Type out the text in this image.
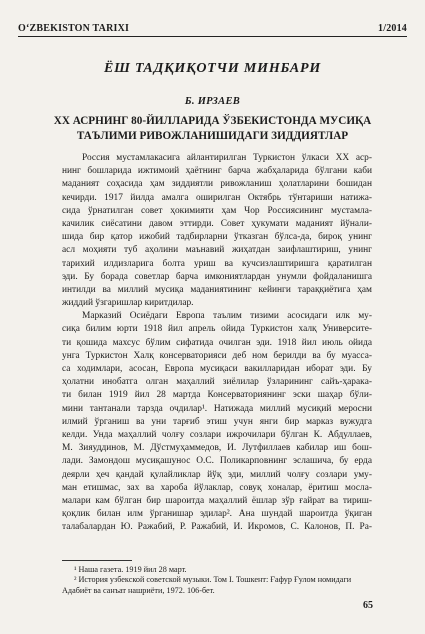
O‘ZBEKISTON TARIXI	1/2014
ЁШ ТАДҚИҚОТЧИ МИНБАРИ
Б. ИРЗАЕВ
XX АСРНИНГ 80-ЙИЛЛАРИДА ЎЗБЕКИСТОНДА МУСИҚА
ТАЪЛИМИ РИВОЖЛАНИШИДАГИ ЗИДДИЯТЛАР
Россия мустамлакасига айлантирилган Туркистон ўлкаси XX аср-
нинг бошларида ижтимоий ҳаётнинг барча жабҳаларида бўлгани каби
маданият соҳасида ҳам зиддиятли ривожланиш ҳолатларини бошидан
кечирди. 1917 йилда амалга оширилган Октябрь тўнтариши натижа-
сида ўрнатилган совет ҳокимияти ҳам Чор Россиясининг мустамла-
качилик сиёсатини давом эттирди. Совет ҳукумати маданият йўнали-
шида бир қатор ижобий тадбирларни ўтказган бўлса-да, бироқ унинг
асл моҳияти туб аҳолини маънавий жиҳатдан заифлаштириш, унинг
тарихий илдизларига болта уриш ва кучсизлаштиришга қаратилган
эди. Бу борада советлар барча имкониятлардан унумли фойдаланишга
интилди ва миллий мусиқа маданиятининг кейинги тараққиётига ҳам
жиддий ўзгаришлар киритдилар.
Марказий Осиёдаги Европа таълим тизими асосидаги илк му-
сиқа билим юрти 1918 йил апрель ойида Туркистон халқ Университе-
ти қошида махсус бўлим сифатида очилган эди. 1918 йил июль ойида
унга Туркистон Халқ консерваторияси деб ном берилди ва бу муасса-
са ходимлари, асосан, Европа мусиқаси вакилларидан иборат эди. Бу
ҳолатни инобатга олган маҳаллий зиёлилар ўзларининг сайъ-ҳаракa-
ти билан 1919 йил 28 мартда Консерваториянинг эски шаҳар бўли-
мини тантанали тарзда очдилар¹. Натижада миллий мусиқий меросни
илмий ўрганиш ва уни тарғиб этиш учун янги бир марказ вужудга
келди. Унда маҳаллий чолғу созлари ижрочилари бўлган К. Абдуллаев,
М. Зияуддинов, М. Дўстмуҳаммедов, И. Лутфиллаев кабилар иш бош-
лади. Замондош мусиқашунос О.С. Поликарповнинг эслашича, бу ерда
деярли ҳеч қандай қулайликлар йўқ эди, миллий чолғу созлари уму-
ман етишмас, зах ва хароба йўлаклар, совуқ хоналар, ёритиш мосла-
малари кам бўлган бир шароитда маҳаллий ёшлар зўр ғайрат ва тириш-
қоқлик билан илм ўрганишар эдилар². Ана шундай шароитда ўқиган
талабалардан Ю. Ражабий, Р. Ражабий, И. Икромов, С. Калонов, П. Ра-
¹ Наша газета. 1919 йил 28 март.
² История узбекской советской музыки. Том I. Тошкент: Ғафур Ғулом номидаги
Адабиёт ва санъат нашриёти, 1972. 106-бет.
65
